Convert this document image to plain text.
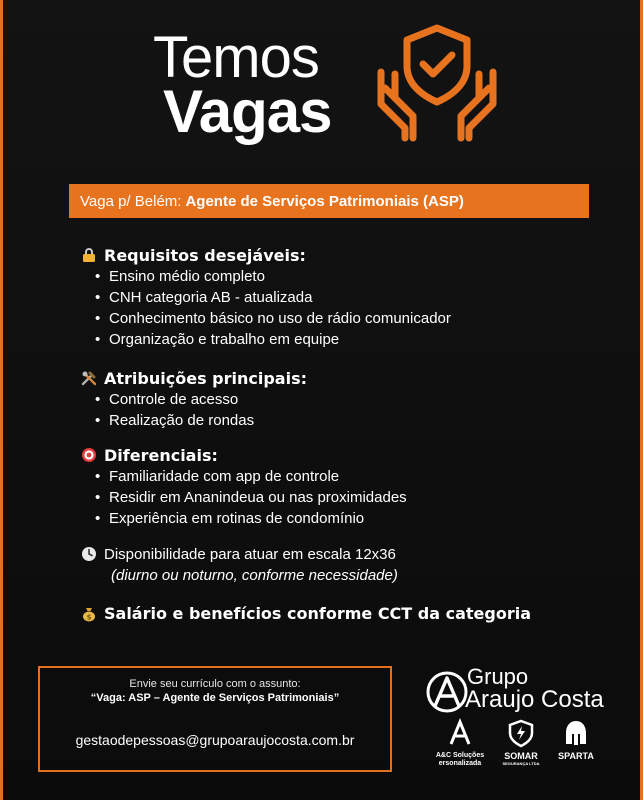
Temos
Vagas
Vaga p/ Belém: Agente de Serviços Patrimoniais (ASP)
Requisitos desejáveis:
• Ensino médio completo
• CNH categoria AB - atualizada
• Conhecimento básico no uso de rádio comunicador
• Organização e trabalho em equipe
Atribuições principais:
• Controle de acesso
• Realização de rondas
Diferenciais:
• Familiaridade com app de controle
• Residir em Ananindeua ou nas proximidades
• Experiência em rotinas de condomínio
Disponibilidade para atuar em escala 12x36
(diurno ou noturno, conforme necessidade)
$ Salário e benefícios conforme CCT da categoria
Envie seu currículo com o assunto:
“Vaga: ASP – Agente de Serviços Patrimoniais”
gestaodepessoas@grupoaraujocosta.com.br
Grupo
Araujo Costa
A&C Soluções
ersonalizada
SOMAR
SEGURANÇA LTDA
SPARTA
